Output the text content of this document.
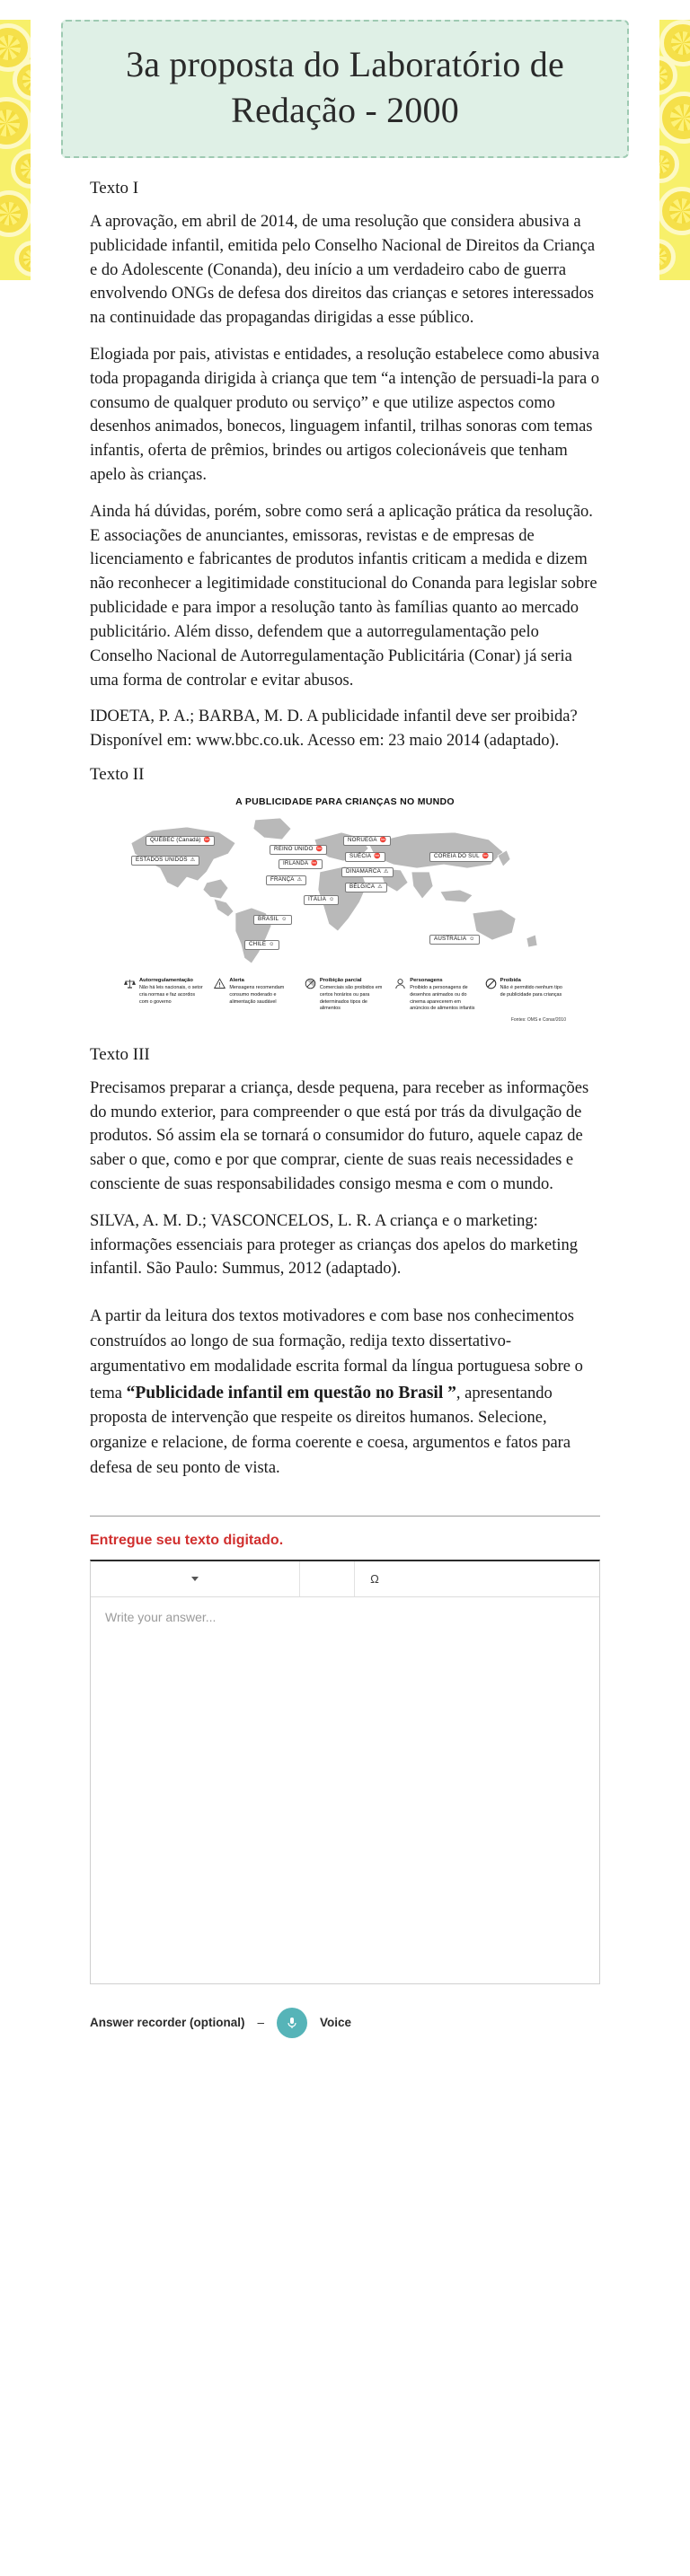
3a proposta do Laboratório de Redação - 2000

Texto I

A aprovação, em abril de 2014, de uma resolução que considera abusiva a publicidade infantil, emitida pelo Conselho Nacional de Direitos da Criança e do Adolescente (Conanda), deu início a um verdadeiro cabo de guerra envolvendo ONGs de defesa dos direitos das crianças e setores interessados na continuidade das propagandas dirigidas a esse público.

Elogiada por pais, ativistas e entidades, a resolução estabelece como abusiva toda propaganda dirigida à criança que tem “a intenção de persuadi-la para o consumo de qualquer produto ou serviço” e que utilize aspectos como desenhos animados, bonecos, linguagem infantil, trilhas sonoras com temas infantis, oferta de prêmios, brindes ou artigos colecionáveis que tenham apelo às crianças.

Ainda há dúvidas, porém, sobre como será a aplicação prática da resolução. E associações de anunciantes, emissoras, revistas e de empresas de licenciamento e fabricantes de produtos infantis criticam a medida e dizem não reconhecer a legitimidade constitucional do Conanda para legislar sobre publicidade e para impor a resolução tanto às famílias quanto ao mercado publicitário. Além disso, defendem que a autorregulamentação pelo Conselho Nacional de Autorregulamentação Publicitária (Conar) já seria uma forma de controlar e evitar abusos.

IDOETA, P. A.; BARBA, M. D. A publicidade infantil deve ser proibida? Disponível em: www.bbc.co.uk. Acesso em: 23 maio 2014 (adaptado).

Texto II

A PUBLICIDADE PARA CRIANÇAS NO MUNDO
QUÉBEC (Canadá) ⛔
ESTADOS UNIDOS ⚠
REINO UNIDO ⛔
IRLANDA ⛔
FRANÇA ⚠
ITÁLIA ☺
NORUEGA ⛔
SUÉCIA ⛔
DINAMARCA ⚠
BÉLGICA ⚠
COREIA DO SUL ⛔
BRASIL ☺
CHILE ☺
AUSTRÁLIA ☺
Autorregulamentação
Não há leis nacionais, o setor cria normas e faz acordos com o governo
Alerta
Mensagens recomendam consumo moderado e alimentação saudável
Proibição parcial
Comerciais são proibidos em certos horários ou para determinados tipos de alimentos
Personagens
Proibido a personagens de desenhos animados ou do cinema aparecerem em anúncios de alimentos infantis
Proibida
Não é permitido nenhum tipo de publicidade para crianças
Fontes: OMS e Conar/2010

Texto III

Precisamos preparar a criança, desde pequena, para receber as informações do mundo exterior, para compreender o que está por trás da divulgação de produtos. Só assim ela se tornará o consumidor do futuro, aquele capaz de saber o que, como e por que comprar, ciente de suas reais necessidades e consciente de suas responsabilidades consigo mesma e com o mundo.

SILVA, A. M. D.; VASCONCELOS, L. R. A criança e o marketing: informações essenciais para proteger as crianças dos apelos do marketing infantil. São Paulo: Summus, 2012 (adaptado).

A partir da leitura dos textos motivadores e com base nos conhecimentos construídos ao longo de sua formação, redija texto dissertativo-argumentativo em modalidade escrita formal da língua portuguesa sobre o tema “Publicidade infantil em questão no Brasil ”, apresentando proposta de intervenção que respeite os direitos humanos. Selecione, organize e relacione, de forma coerente e coesa, argumentos e fatos para defesa de seu ponto de vista.

Entregue seu texto digitado.
Ω
Write your answer...
Answer recorder (optional) –	Voice
